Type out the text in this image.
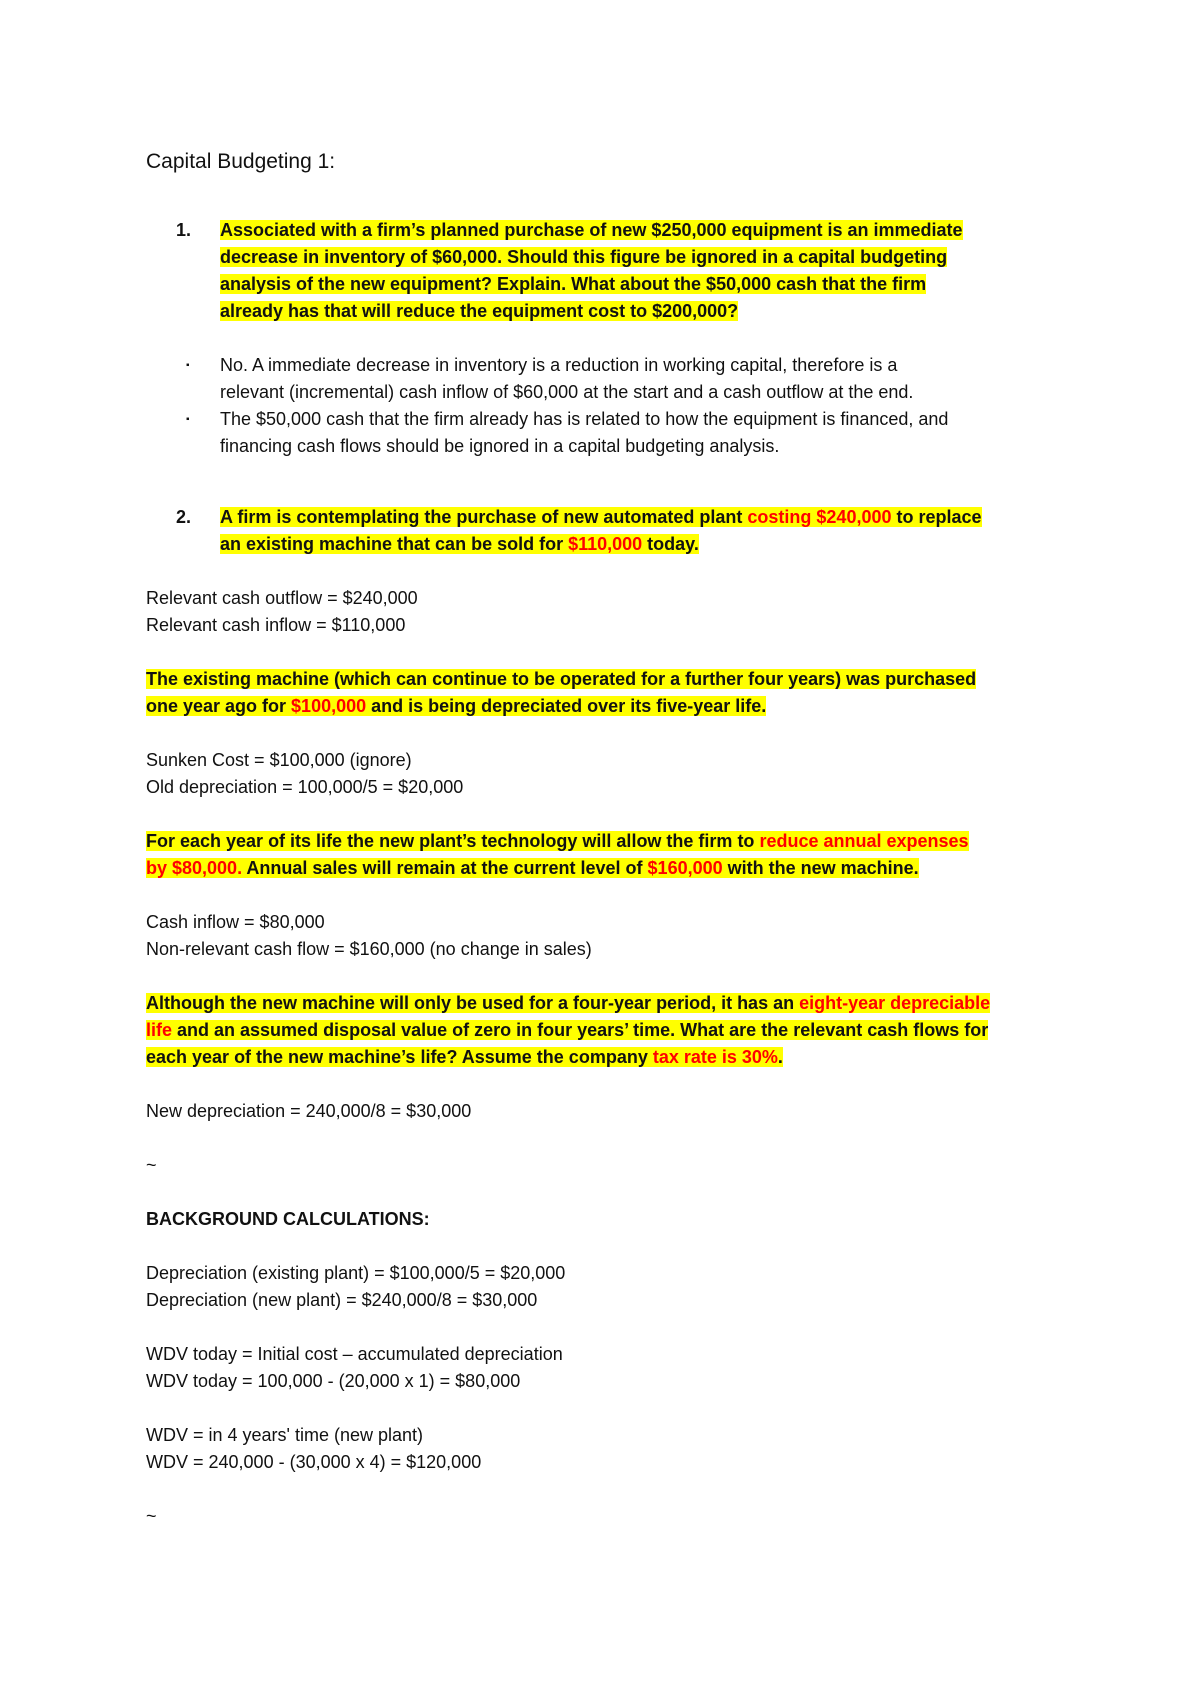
Capital Budgeting 1:
1.	Associated with a firm’s planned purchase of new $250,000 equipment is an immediate
decrease in inventory of $60,000. Should this figure be ignored in a capital budgeting
analysis of the new equipment? Explain. What about the $50,000 cash that the firm
already has that will reduce the equipment cost to $200,000?
▪ No. A immediate decrease in inventory is a reduction in working capital, therefore is a
relevant (incremental) cash inflow of $60,000 at the start and a cash outflow at the end.
▪ The $50,000 cash that the firm already has is related to how the equipment is financed, and
financing cash flows should be ignored in a capital budgeting analysis.
2.	A firm is contemplating the purchase of new automated plant costing $240,000 to replace
an existing machine that can be sold for $110,000 today.
Relevant cash outflow = $240,000
Relevant cash inflow = $110,000
The existing machine (which can continue to be operated for a further four years) was purchased
one year ago for $100,000 and is being depreciated over its five-year life.
Sunken Cost = $100,000 (ignore)
Old depreciation = 100,000/5 = $20,000
For each year of its life the new plant’s technology will allow the firm to reduce annual expenses
by $80,000. Annual sales will remain at the current level of $160,000 with the new machine.
Cash inflow = $80,000
Non-relevant cash flow = $160,000 (no change in sales)
Although the new machine will only be used for a four-year period, it has an eight-year depreciable
life and an assumed disposal value of zero in four years’ time. What are the relevant cash flows for
each year of the new machine’s life? Assume the company tax rate is 30%.
New depreciation = 240,000/8 = $30,000
~
BACKGROUND CALCULATIONS:
Depreciation (existing plant) = $100,000/5 = $20,000
Depreciation (new plant) = $240,000/8 = $30,000
WDV today = Initial cost – accumulated depreciation
WDV today = 100,000 - (20,000 x 1) = $80,000
WDV = in 4 years' time (new plant)
WDV = 240,000 - (30,000 x 4) = $120,000
~
